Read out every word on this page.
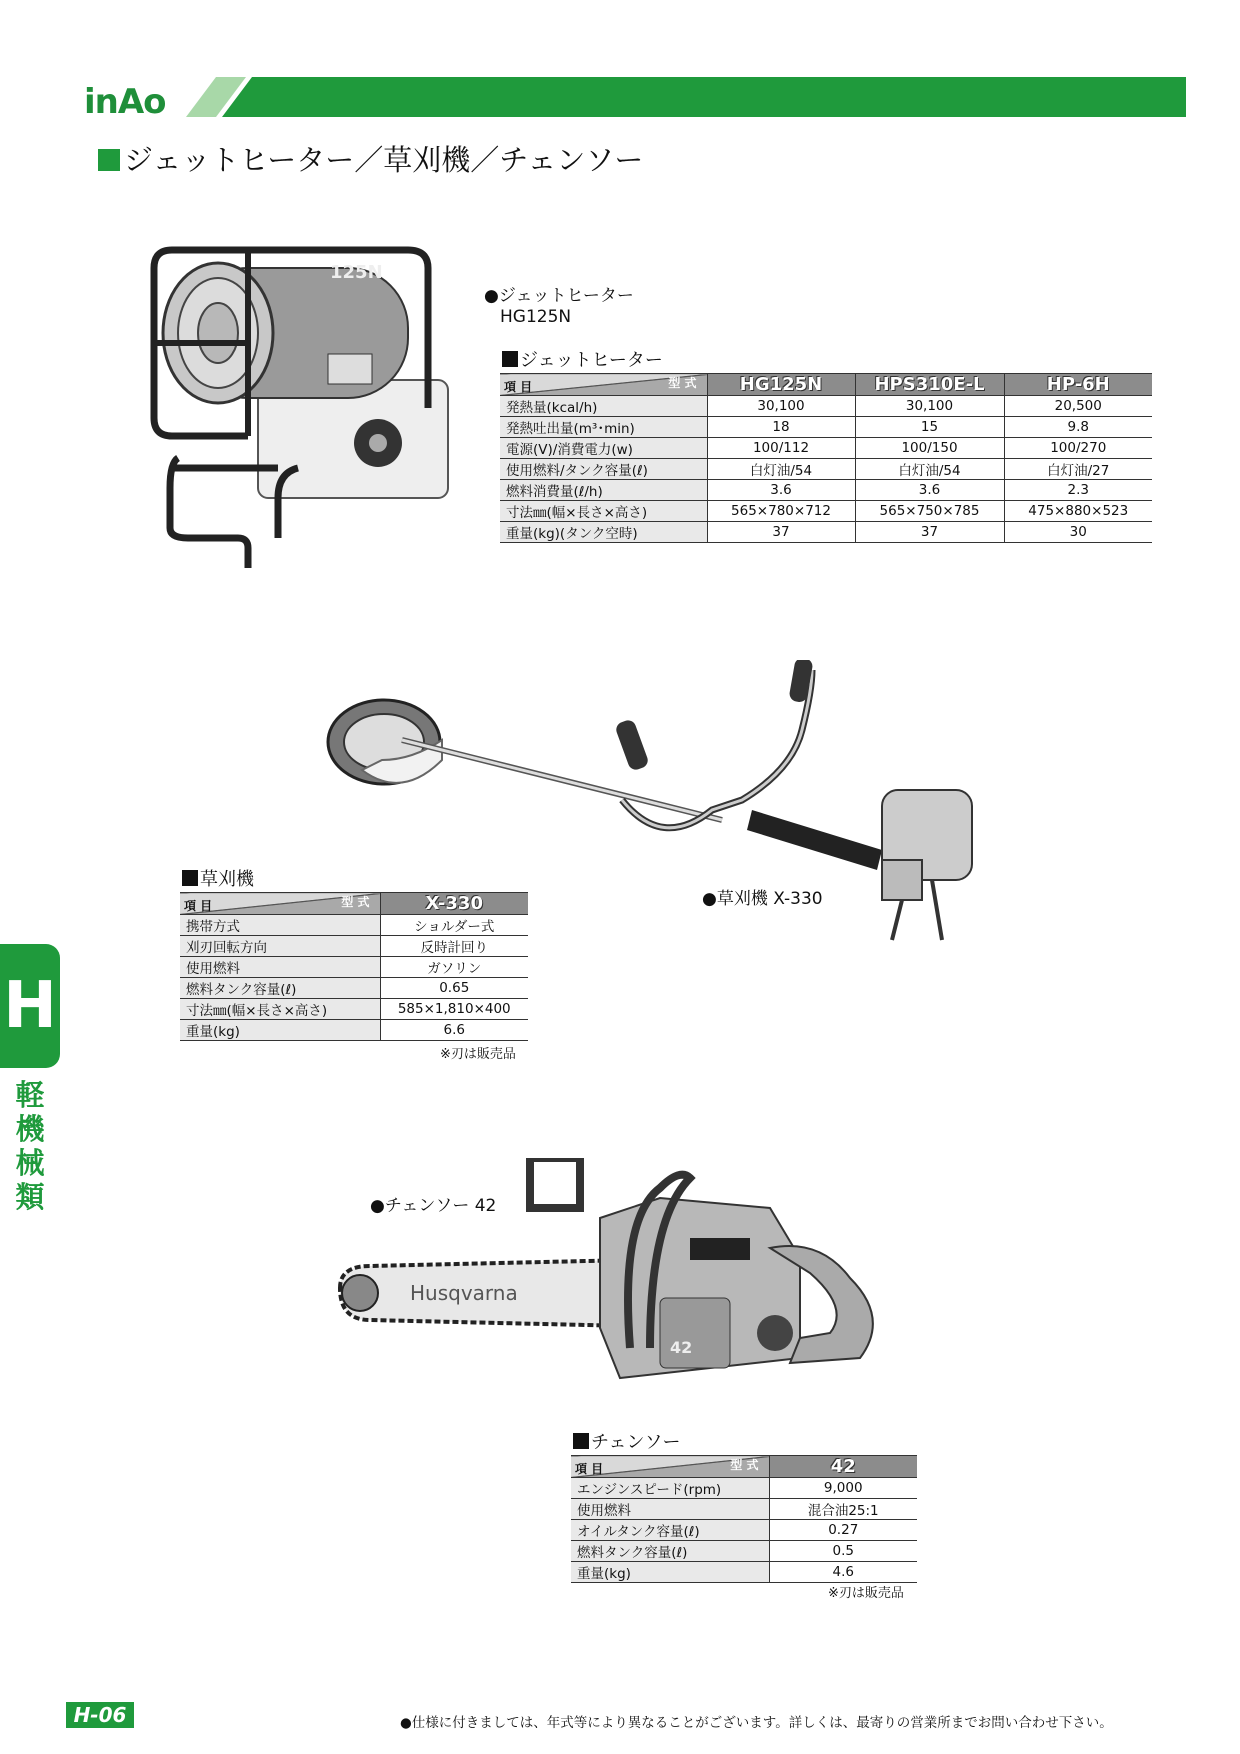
inAo
ジェットヒーター／草刈機／チェンソー
H
軽
機
械
類
125N
●ジェットヒーター
HG125N
ジェットヒーター
型 式
項 目	HG125N	HPS310E-L	HP-6H
発熱量(kcal/h)	30,100	30,100	20,500
発熱吐出量(m³･min)	18	15	9.8
電源(V)/消費電力(w)	100/112	100/150	100/270
使用燃料/タンク容量(ℓ)	白灯油/54	白灯油/54	白灯油/27
燃料消費量(ℓ/h)	3.6	3.6	2.3
寸法㎜(幅×長さ×高さ)	565×780×712	565×750×785	475×880×523
重量(kg)(タンク空時)	37	37	30
●草刈機 X-330
草刈機
型 式
項 目	X-330
携帯方式	ショルダー式
刈刃回転方向	反時計回り
使用燃料	ガソリン
燃料タンク容量(ℓ)	0.65
寸法㎜(幅×長さ×高さ)	585×1,810×400
重量(kg)	6.6
※刃は販売品
Husqvarna
42
●チェンソー 42
チェンソー
型 式
項 目	42
エンジンスピード(rpm)	9,000
使用燃料	混合油25:1
オイルタンク容量(ℓ)	0.27
燃料タンク容量(ℓ)	0.5
重量(kg)	4.6
※刃は販売品
H-06	●仕様に付きましては、年式等により異なることがございます。詳しくは、最寄りの営業所までお問い合わせ下さい。
